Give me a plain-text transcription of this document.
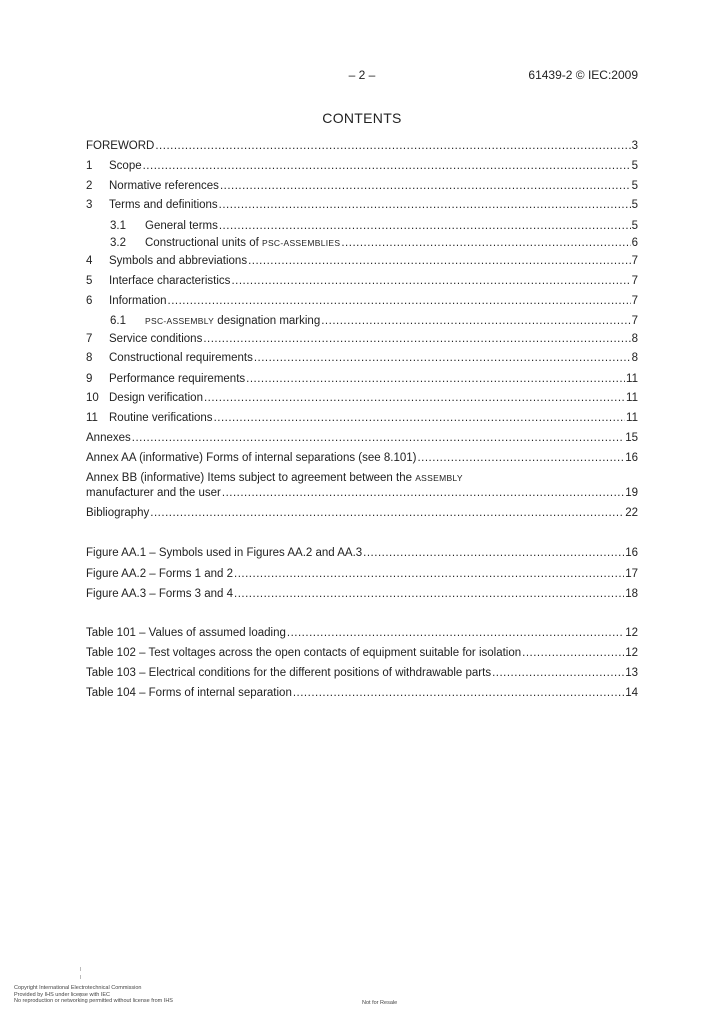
– 2 –	61439-2 © IEC:2009
CONTENTS
FOREWORD .....	3
1	Scope .....	5
2	Normative references .....	5
3	Terms and definitions .....	5
3.1	General terms .....	5
3.2	Constructional units of PSC-ASSEMBLIES .....	6
4	Symbols and abbreviations .....	7
5	Interface characteristics .....	7
6	Information .....	7
6.1	PSC-ASSEMBLY designation marking .....	7
7	Service conditions .....	8
8	Constructional requirements .....	8
9	Performance requirements .....	11
10 Design verification .....	11
11 Routine verifications .....	11
Annexes .....	15
Annex AA (informative) Forms of internal separations (see 8.101) .....	16
Annex BB (informative) Items subject to agreement between the ASSEMBLY
manufacturer and the user .....	19
Bibliography .....	22
Figure AA.1 – Symbols used in Figures AA.2 and AA.3 .....	16
Figure AA.2 – Forms 1 and 2 .....	17
Figure AA.3 – Forms 3 and 4 .....	18
Table 101 – Values of assumed loading .....	12
Table 102 – Test voltages across the open contacts of equipment suitable for isolation .....	12
Table 103 – Electrical conditions for the different positions of withdrawable parts .....	13
Table 104 – Forms of internal separation .....	14
Copyright International Electrotechnical Commission
Provided by IHS under license with IEC
No reproduction or networking permitted without license from IHS	Not for Resale
